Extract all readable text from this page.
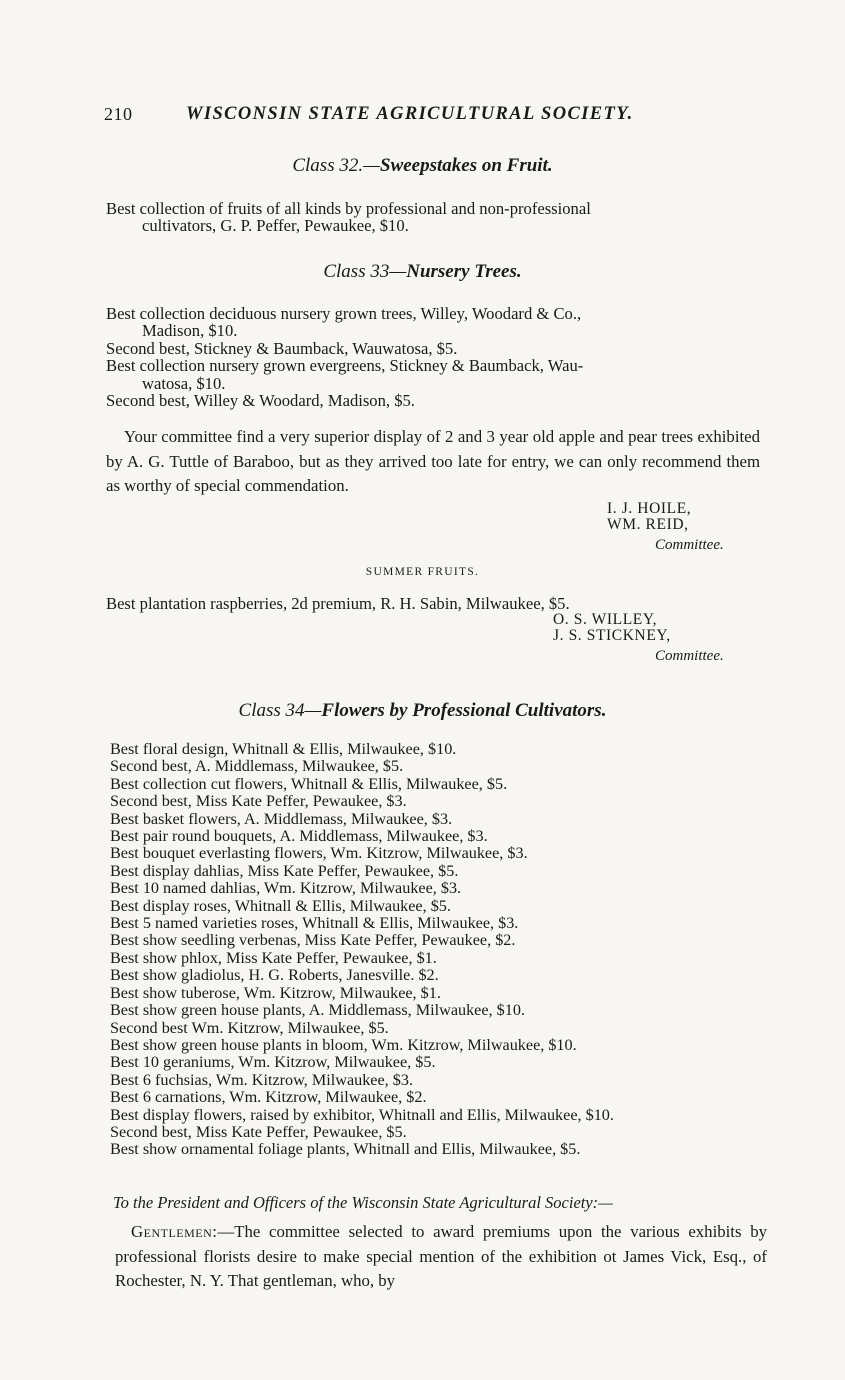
210	WISCONSIN STATE AGRICULTURAL SOCIETY.
Class 32.—Sweepstakes on Fruit.
Best collection of fruits of all kinds by professional and non-professional
cultivators, G. P. Peffer, Pewaukee, $10.
Class 33—Nursery Trees.
Best collection deciduous nursery grown trees, Willey, Woodard & Co.,
Madison, $10.
Second best, Stickney & Baumback, Wauwatosa, $5.
Best collection nursery grown evergreens, Stickney & Baumback, Wau-
watosa, $10.
Second best, Willey & Woodard, Madison, $5.
Your committee find a very superior display of 2 and 3 year old apple and pear trees exhibited by A. G. Tuttle of Baraboo, but as they arrived too late for entry, we can only recommend them as worthy of special commendation.
I. J. HOILE,
WM. REID,
Committee.
SUMMER FRUITS.
Best plantation raspberries, 2d premium, R. H. Sabin, Milwaukee, $5.
O. S. WILLEY,
J. S. STICKNEY,
Committee.
Class 34—Flowers by Professional Cultivators.
Best floral design, Whitnall & Ellis, Milwaukee, $10.
Second best, A. Middlemass, Milwaukee, $5.
Best collection cut flowers, Whitnall & Ellis, Milwaukee, $5.
Second best, Miss Kate Peffer, Pewaukee, $3.
Best basket flowers, A. Middlemass, Milwaukee, $3.
Best pair round bouquets, A. Middlemass, Milwaukee, $3.
Best bouquet everlasting flowers, Wm. Kitzrow, Milwaukee, $3.
Best display dahlias, Miss Kate Peffer, Pewaukee, $5.
Best 10 named dahlias, Wm. Kitzrow, Milwaukee, $3.
Best display roses, Whitnall & Ellis, Milwaukee, $5.
Best 5 named varieties roses, Whitnall & Ellis, Milwaukee, $3.
Best show seedling verbenas, Miss Kate Peffer, Pewaukee, $2.
Best show phlox, Miss Kate Peffer, Pewaukee, $1.
Best show gladiolus, H. G. Roberts, Janesville. $2.
Best show tuberose, Wm. Kitzrow, Milwaukee, $1.
Best show green house plants, A. Middlemass, Milwaukee, $10.
Second best Wm. Kitzrow, Milwaukee, $5.
Best show green house plants in bloom, Wm. Kitzrow, Milwaukee, $10.
Best 10 geraniums, Wm. Kitzrow, Milwaukee, $5.
Best 6 fuchsias, Wm. Kitzrow, Milwaukee, $3.
Best 6 carnations, Wm. Kitzrow, Milwaukee, $2.
Best display flowers, raised by exhibitor, Whitnall and Ellis, Milwaukee, $10.
Second best, Miss Kate Peffer, Pewaukee, $5.
Best show ornamental foliage plants, Whitnall and Ellis, Milwaukee, $5.
To the President and Officers of the Wisconsin State Agricultural Society:—
Gentlemen:—The committee selected to award premiums upon the various exhibits by professional florists desire to make special mention of the exhibition ot James Vick, Esq., of Rochester, N. Y. That gentleman, who, by
